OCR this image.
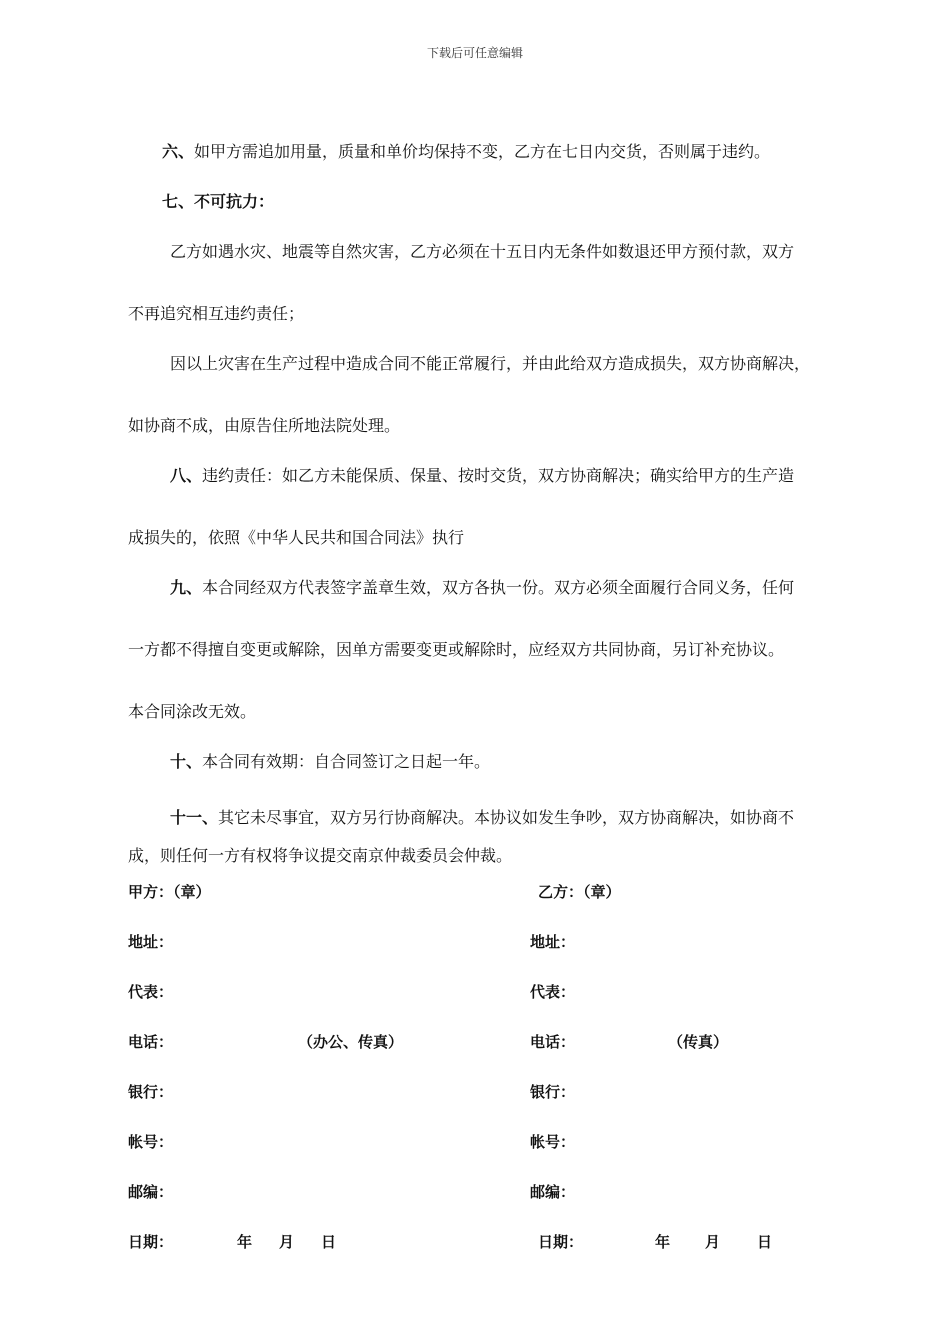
下载后可任意编辑
六、如甲方需追加用量，质量和单价均保持不变，乙方在七日内交货，否则属于违约。
七、不可抗力：
乙方如遇水灾、地震等自然灾害，乙方必须在十五日内无条件如数退还甲方预付款，双方
不再追究相互违约责任；
因以上灾害在生产过程中造成合同不能正常履行，并由此给双方造成损失，双方协商解决，
如协商不成，由原告住所地法院处理。
八、违约责任：如乙方未能保质、保量、按时交货，双方协商解决；确实给甲方的生产造
成损失的，依照《中华人民共和国合同法》执行
九、本合同经双方代表签字盖章生效，双方各执一份。双方必须全面履行合同义务，任何
一方都不得擅自变更或解除，因单方需要变更或解除时，应经双方共同协商，另订补充协议。
本合同涂改无效。
十、本合同有效期：自合同签订之日起一年。
十一、其它未尽事宜，双方另行协商解决。本协议如发生争吵，双方协商解决，如协商不
成，则任何一方有权将争议提交南京仲裁委员会仲裁。
甲方：（章）
地址：
代表：
电话：	（办公、传真）
银行：
帐号：
邮编：
日期：	年 月 日
乙方：（章）
地址：
代表：
电话：	（传真）
银行：
帐号：
邮编：
日期：	年 月 日
